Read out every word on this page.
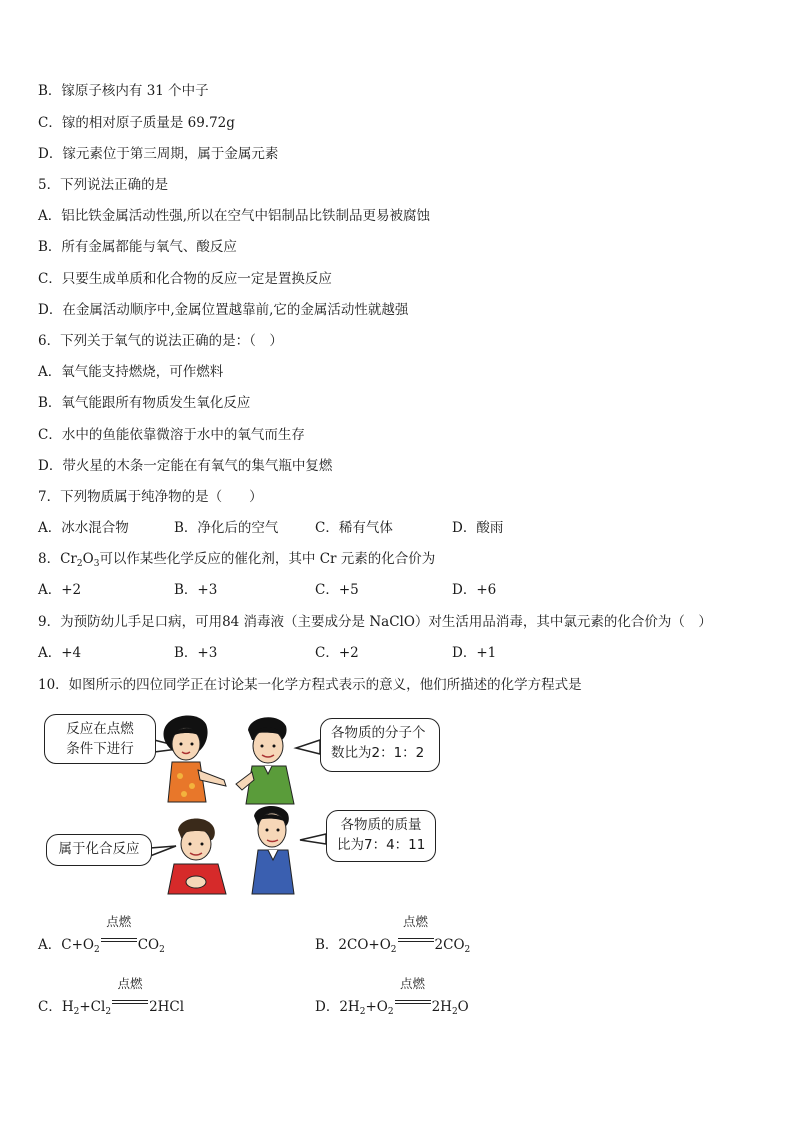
B．镓原子核内有 31 个中子
C．镓的相对原子质量是 69.72g
D．镓元素位于第三周期，属于金属元素
5．下列说法正确的是
A．铝比铁金属活动性强,所以在空气中铝制品比铁制品更易被腐蚀
B．所有金属都能与氧气、酸反应
C．只要生成单质和化合物的反应一定是置换反应
D．在金属活动顺序中,金属位置越靠前,它的金属活动性就越强
6．下列关于氧气的说法正确的是：（　）
A．氧气能支持燃烧，可作燃料
B．氧气能跟所有物质发生氧化反应
C．水中的鱼能依靠微溶于水中的氧气而生存
D．带火星的木条一定能在有氧气的集气瓶中复燃
7．下列物质属于纯净物的是（　　）
A．冰水混合物	B．净化后的空气	C．稀有气体	D．酸雨
8．$Cr_2O_3$可以作某些化学反应的催化剂，其中 Cr 元素的化合价为
A．+2	B．+3	C．+5	D．+6
9．为预防幼儿手足口病，可用84 消毒液（主要成分是 NaClO）对生活用品消毒，其中氯元素的化合价为（　）
A．+4	B．+3	C．+2	D．+1
10．如图所示的四位同学正在讨论某一化学方程式表示的意义，他们所描述的化学方程式是
反应在点燃
条件下进行
各物质的分子个
数比为2：1：2
属于化合反应
各物质的质量
比为7：4：11
A．$C+O_2$
点燃
$CO_2$	B．$2CO+O_2$
点燃
$2CO_2$
C．$H_2+Cl_2$
点燃
2HCl	D．$2H_2+O_2$
点燃
$2H_2O$
